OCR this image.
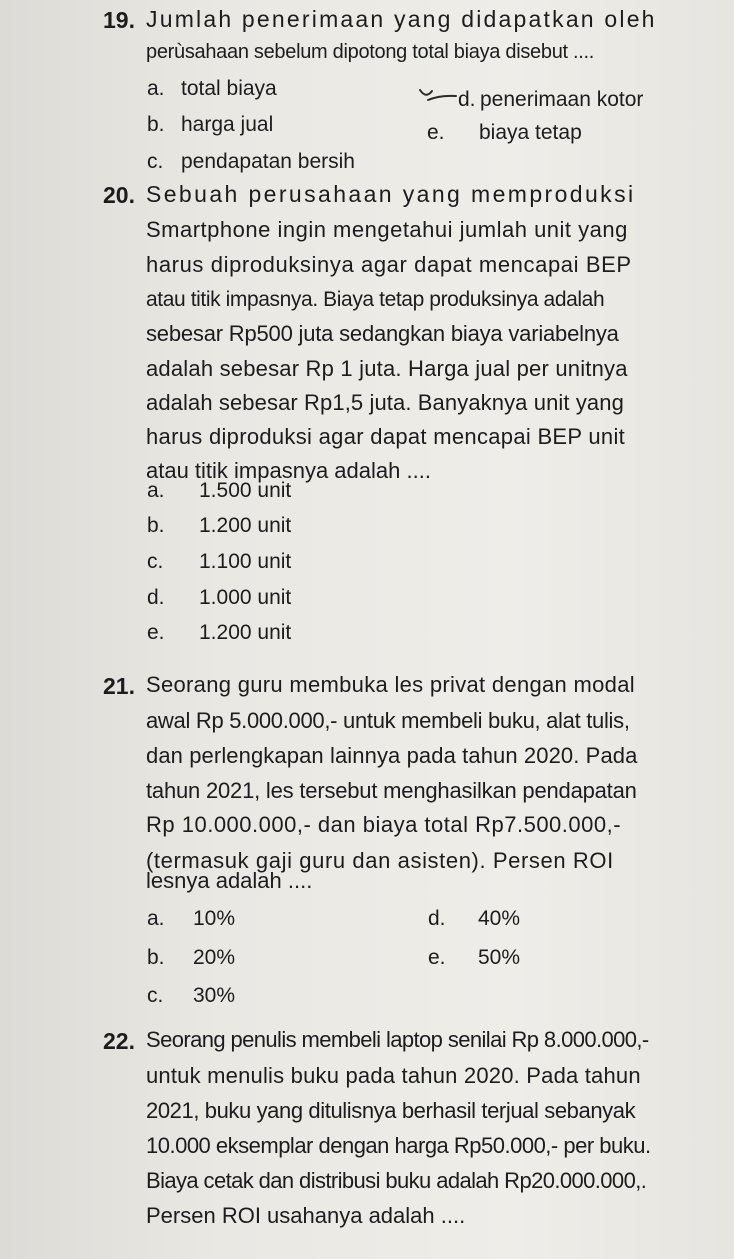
19. Jumlah penerimaan yang didapatkan oleh
perùsahaan sebelum dipotong total biaya disebut ....
a. total biaya
b. harga jual
c. pendapatan bersih
d. penerimaan kotor
e. biaya tetap
20. Sebuah perusahaan yang memproduksi
Smartphone ingin mengetahui jumlah unit yang
harus diproduksinya agar dapat mencapai BEP
atau titik impasnya. Biaya tetap produksinya adalah
sebesar Rp500 juta sedangkan biaya variabelnya
adalah sebesar Rp 1 juta. Harga jual per unitnya
adalah sebesar Rp1,5 juta. Banyaknya unit yang
harus diproduksi agar dapat mencapai BEP unit
atau titik impasnya adalah ....
a. 1.500 unit
b. 1.200 unit
c. 1.100 unit
d. 1.000 unit
e. 1.200 unit
21. Seorang guru membuka les privat dengan modal
awal Rp 5.000.000,- untuk membeli buku, alat tulis,
dan perlengkapan lainnya pada tahun 2020. Pada
tahun 2021, les tersebut menghasilkan pendapatan
Rp 10.000.000,- dan biaya total Rp7.500.000,-
(termasuk gaji guru dan asisten). Persen ROI
lesnya adalah ....
a. 10%
b. 20%
c. 30%
d. 40%
e. 50%
22. Seorang penulis membeli laptop senilai Rp 8.000.000,-
untuk menulis buku pada tahun 2020. Pada tahun
2021, buku yang ditulisnya berhasil terjual sebanyak
10.000 eksemplar dengan harga Rp50.000,- per buku.
Biaya cetak dan distribusi buku adalah Rp20.000.000,.
Persen ROI usahanya adalah ....
